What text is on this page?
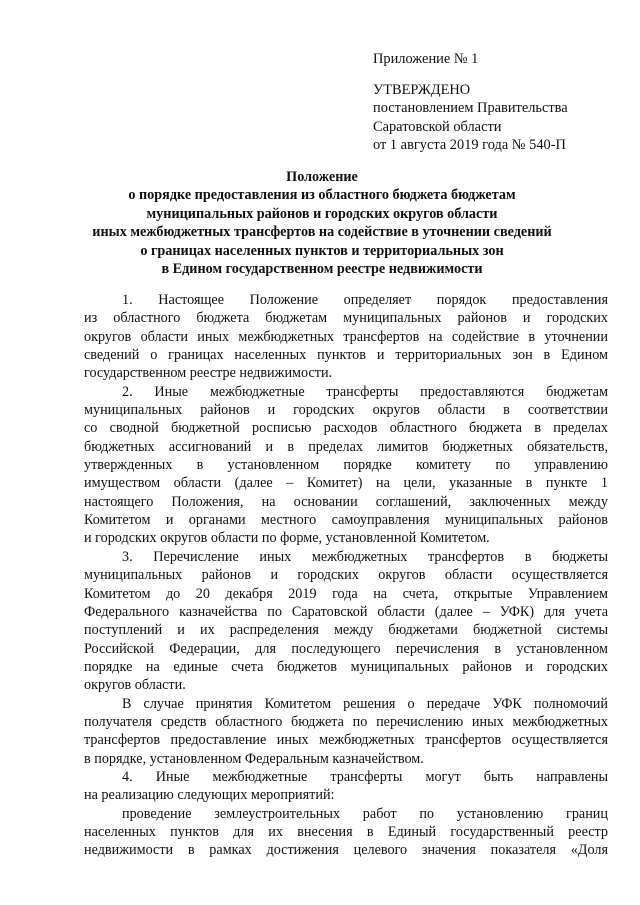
Приложение № 1
УТВЕРЖДЕНО
постановлением Правительства
Саратовской области
от 1 августа 2019 года № 540-П
Положение
о порядке предоставления из областного бюджета бюджетам
муниципальных районов и городских округов области
иных межбюджетных трансфертов на содействие в уточнении сведений
о границах населенных пунктов и территориальных зон
в Едином государственном реестре недвижимости
1. Настоящее Положение определяет порядок предоставления
из областного бюджета бюджетам муниципальных районов и городских
округов области иных межбюджетных трансфертов на содействие в уточнении
сведений о границах населенных пунктов и территориальных зон в Едином
государственном реестре недвижимости.
2. Иные межбюджетные трансферты предоставляются бюджетам
муниципальных районов и городских округов области в соответствии
со сводной бюджетной росписью расходов областного бюджета в пределах
бюджетных ассигнований и в пределах лимитов бюджетных обязательств,
утвержденных в установленном порядке комитету по управлению
имуществом области (далее – Комитет) на цели, указанные в пункте 1
настоящего Положения, на основании соглашений, заключенных между
Комитетом и органами местного самоуправления муниципальных районов
и городских округов области по форме, установленной Комитетом.
3. Перечисление иных межбюджетных трансфертов в бюджеты
муниципальных районов и городских округов области осуществляется
Комитетом до 20 декабря 2019 года на счета, открытые Управлением
Федерального казначейства по Саратовской области (далее – УФК) для учета
поступлений и их распределения между бюджетами бюджетной системы
Российской Федерации, для последующего перечисления в установленном
порядке на единые счета бюджетов муниципальных районов и городских
округов области.
В случае принятия Комитетом решения о передаче УФК полномочий
получателя средств областного бюджета по перечислению иных межбюджетных
трансфертов предоставление иных межбюджетных трансфертов осуществляется
в порядке, установленном Федеральным казначейством.
4. Иные межбюджетные трансферты могут быть направлены
на реализацию следующих мероприятий:
проведение землеустроительных работ по установлению границ
населенных пунктов для их внесения в Единый государственный реестр
недвижимости в рамках достижения целевого значения показателя «Доля
